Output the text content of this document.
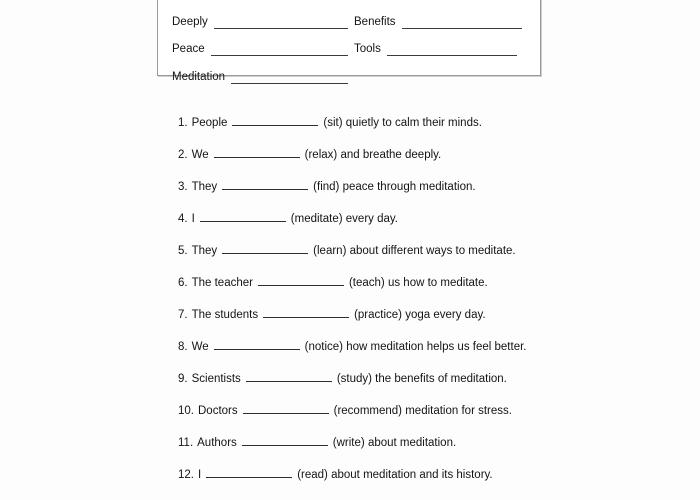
Deeply	Benefits
Peace	Tools
Meditation
1. People	(sit)
quietly to calm their minds.
2. We	(relax)
and breathe deeply.
3. They	(find)
peace through meditation.
4. I	(meditate)
every day.
5. They	(learn)
about different ways to meditate.
6. The teacher	(teach)
us how to meditate.
7. The students	(practice)
yoga every day.
8. We	(notice)
how meditation helps us feel better.
9. Scientists	(study)
the benefits of meditation.
10. Doctors	(recommend)
meditation for stress.
11. Authors	(write)
about meditation.
12. I	(read)
about meditation and its history.
